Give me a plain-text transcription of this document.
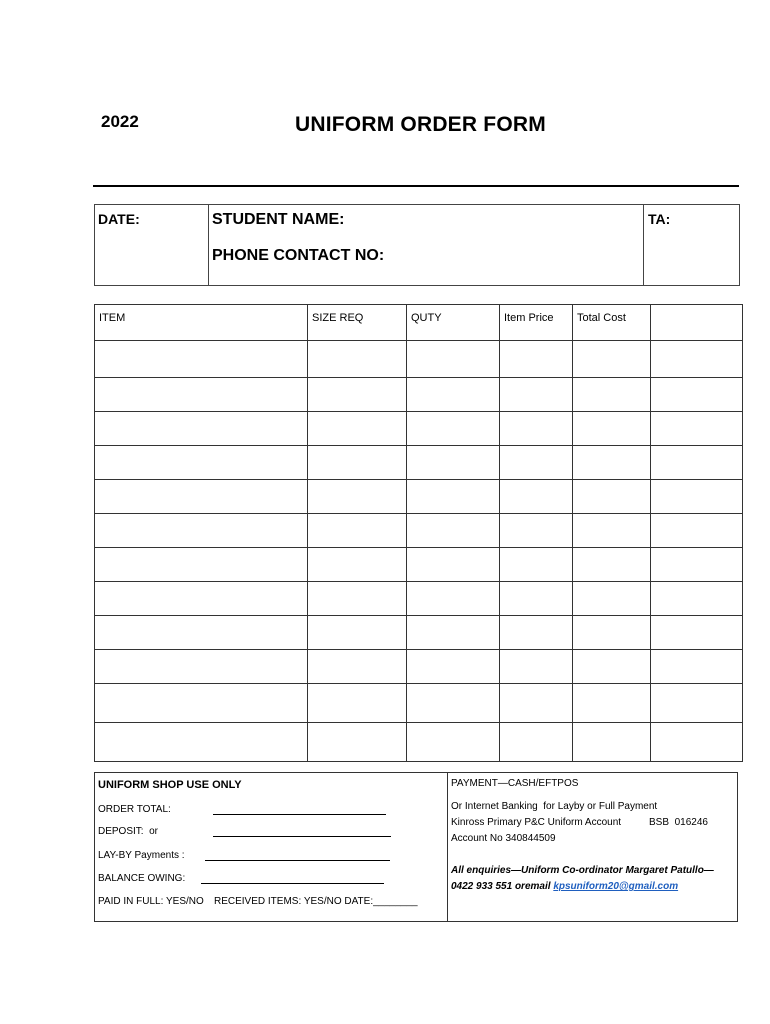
2022	UNIFORM ORDER FORM
DATE:	STUDENT NAME:
PHONE CONTACT NO:
TA:
ITEM	SIZE REQ	QUTY	Item Price	Total Cost	

UNIFORM SHOP USE ONLY
ORDER TOTAL:
DEPOSIT:  or
LAY-BY Payments :
BALANCE OWING:
PAID IN FULL: YES/NO RECEIVED ITEMS: YES/NO DATE:________
PAYMENT—CASH/EFTPOS
Or Internet Banking  for Layby or Full Payment
Kinross Primary P&C Uniform Account	BSB  016246
Account No 340844509
All enquiries—Uniform Co-ordinator Margaret Patullo—
0422 933 551 oremail kpsuniform20@gmail.com
